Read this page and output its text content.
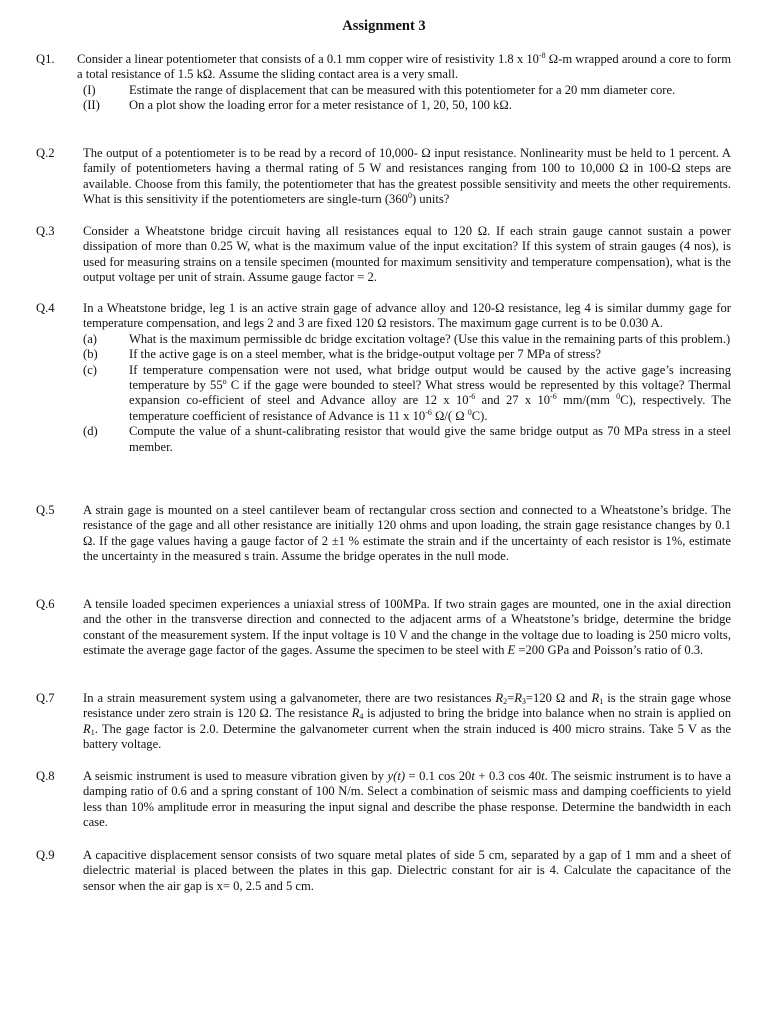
Assignment 3
Q1. Consider a linear potentiometer that consists of a 0.1 mm copper wire of resistivity 1.8 x $10^{-8}$ Ω-m wrapped around a core to form a total resistance of 1.5 kΩ. Assume the sliding contact area is a very small.

(I)	Estimate the range of displacement that can be measured with this potentiometer for a 20 mm diameter core.
(II) On a plot show the loading error for a meter resistance of 1, 20, 50, 100 kΩ.
Q.2 The output of a potentiometer is to be read by a record of 10,000- Ω input resistance. Nonlinearity must be held to 1 percent. A family of potentiometers having a thermal rating of 5 W and resistances ranging from 100 to 10,000 Ω in 100-Ω steps are available. Choose from this family, the potentiometer that has the greatest possible sensitivity and meets the other requirements. What is this sensitivity if the potentiometers are single-turn $(360^0)$ units?

Q.3 Consider a Wheatstone bridge circuit having all resistances equal to 120 Ω. If each strain gauge cannot sustain a power dissipation of more than 0.25 W, what is the maximum value of the input excitation? If this system of strain gauges (4 nos), is used for measuring strains on a tensile specimen (mounted for maximum sensitivity and temperature compensation), what is the output voltage per unit of strain. Assume gauge factor = 2.

Q.4 In a Wheatstone bridge, leg 1 is an active strain gage of advance alloy and 120-Ω resistance, leg 4 is similar dummy gage for temperature compensation, and legs 2 and 3 are fixed 120 Ω resistors. The maximum gage current is to be 0.030 A.

(a)	What is the maximum permissible dc bridge excitation voltage? (Use this value in the remaining parts of this problem.)
(b) If the active gage is on a steel member, what is the bridge-output voltage per 7 MPa of stress?
(c)	If temperature compensation were not used, what bridge output would be caused by the active gage’s increasing temperature by 55$^o$ C if the gage were bounded to steel? What stress would be represented by this voltage? Thermal expansion co-efficient of steel and Advance alloy are 12 x $10^{-6}$ and 27 x $10^{-6}$ mm/(mm $^0$C), respectively. The temperature coefficient of resistance of Advance is 11 x $10^{-6}$ Ω/( Ω $^0$C).
(d) Compute the value of a shunt-calibrating resistor that would give the same bridge output as 70 MPa stress in a steel member.
Q.5 A strain gage is mounted on a steel cantilever beam of rectangular cross section and connected to a Wheatstone’s bridge. The resistance of the gage and all other resistance are initially 120 ohms and upon loading, the strain gage resistance changes by 0.1 Ω. If the gage values having a gauge factor of 2 ±1 % estimate the strain and if the uncertainty of each resistor is 1%, estimate the uncertainty in the measured s train. Assume the bridge operates in the null mode.

Q.6 A tensile loaded specimen experiences a uniaxial stress of 100MPa. If two strain gages are mounted, one in the axial direction and the other in the transverse direction and connected to the adjacent arms of a Wheatstone’s bridge, determine the bridge constant of the measurement system. If the input voltage is 10 V and the change in the voltage due to loading is 250 micro volts, estimate the average gage factor of the gages. Assume the specimen to be steel with E =200 GPa and Poisson’s ratio of 0.3.

Q.7 In a strain measurement system using a galvanometer, there are two resistances $R_2=R_3=120$ Ω and $R_1$ is the strain gage whose resistance under zero strain is 120 Ω. The resistance $R_4$ is adjusted to bring the bridge into balance when no strain is applied on $R_1$. The gage factor is 2.0. Determine the galvanometer current when the strain induced is 400 micro strains. Take 5 V as the battery voltage.

Q.8 A seismic instrument is used to measure vibration given by y(t) = 0.1 cos 20t + 0.3 cos 40t. The seismic instrument is to have a damping ratio of 0.6 and a spring constant of 100 N/m. Select a combination of seismic mass and damping coefficients to yield less than 10% amplitude error in measuring the input signal and describe the phase response. Determine the bandwidth in each case.

Q.9 A capacitive displacement sensor consists of two square metal plates of side 5 cm, separated by a gap of 1 mm and a sheet of dielectric material is placed between the plates in this gap. Dielectric constant for air is 4. Calculate the capacitance of the sensor when the air gap is x= 0, 2.5 and 5 cm.
